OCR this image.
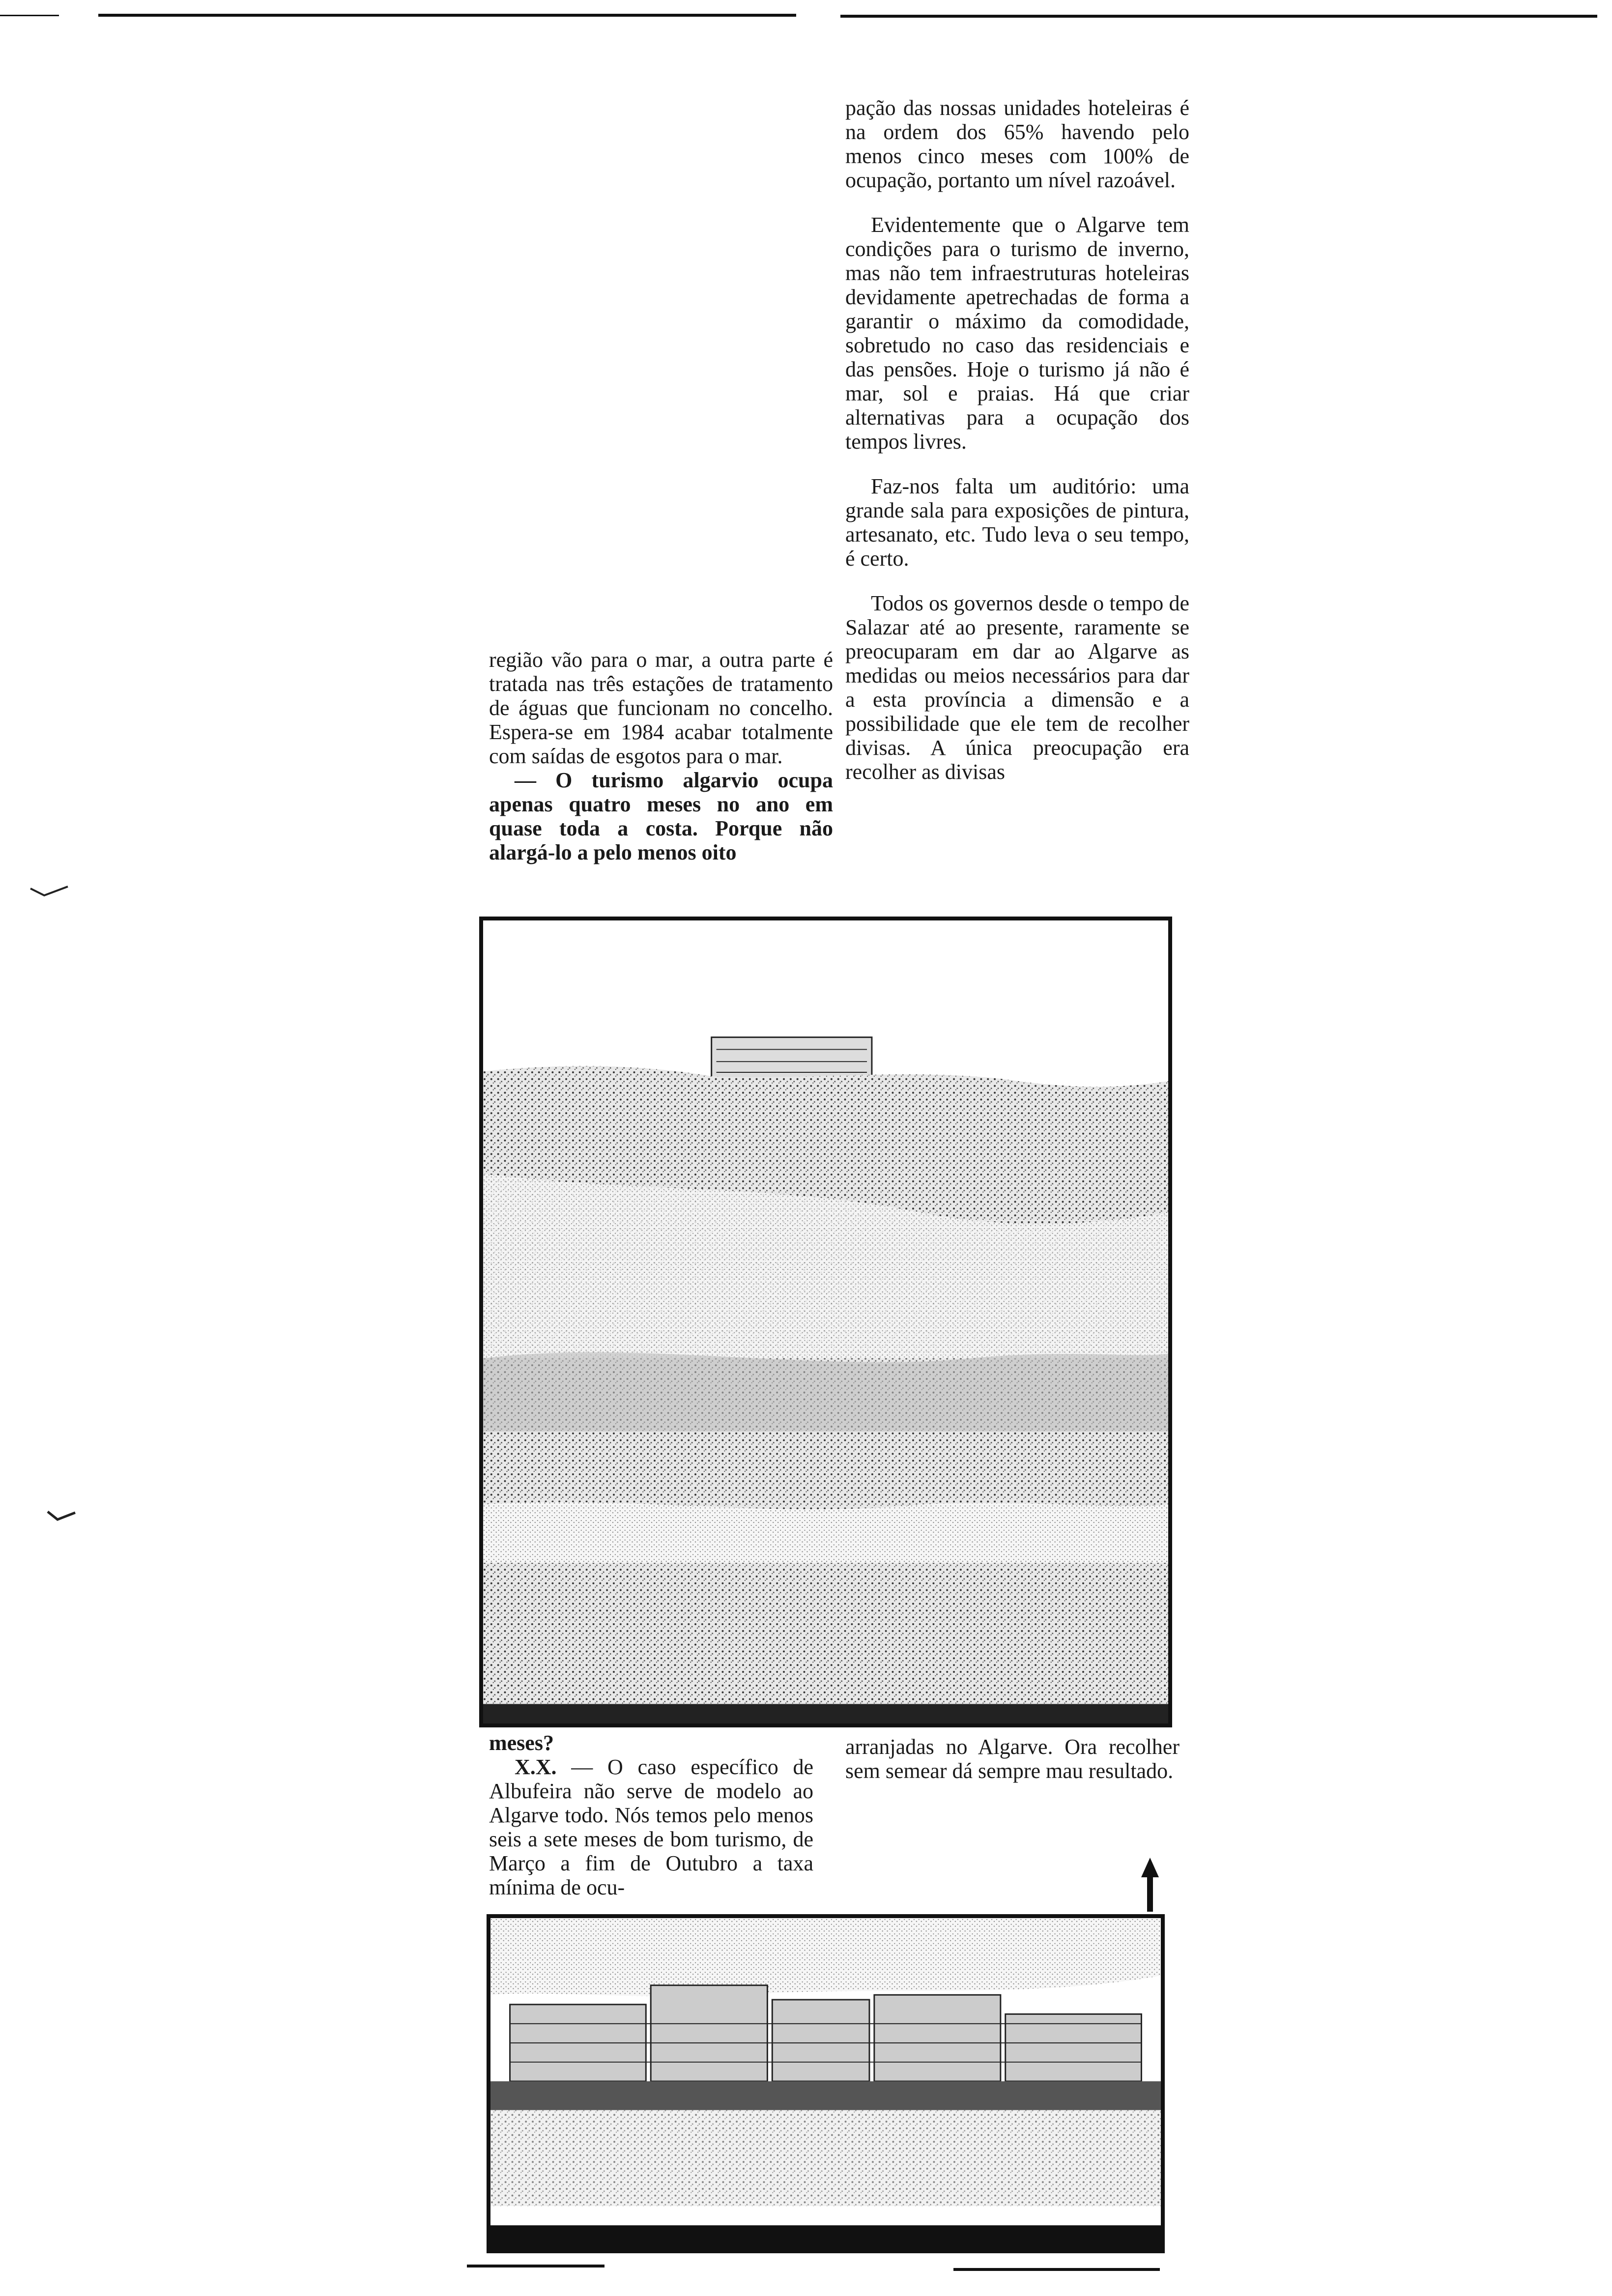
pação das nossas unidades hoteleiras é na ordem dos 65% havendo pelo menos cinco meses com 100% de ocupação, portanto um nível razoável.

Evidentemente que o Algarve tem condições para o turismo de inverno, mas não tem infraestruturas hoteleiras devidamente apetrechadas de forma a garantir o máximo da comodidade, sobretudo no caso das residenciais e das pensões. Hoje o turismo já não é mar, sol e praias. Há que criar alternativas para a ocupação dos tempos livres.

Faz-nos falta um auditório: uma grande sala para exposições de pintura, artesanato, etc. Tudo leva o seu tempo, é certo.

Todos os governos desde o tempo de Salazar até ao presente, raramente se preocuparam em dar ao Algarve as medidas ou meios necessários para dar a esta província a dimensão e a possibilidade que ele tem de recolher divisas. A única preocupação era recolher as divisas

região vão para o mar, a outra parte é tratada nas três estações de tratamento de águas que funcionam no concelho. Espera-se em 1984 acabar totalmente com saídas de esgotos para o mar.

— O turismo algarvio ocupa apenas quatro meses no ano em quase toda a costa. Porque não alargá-lo a pelo menos oito

meses?

X.X. — O caso específico de Albufeira não serve de modelo ao Algarve todo. Nós temos pelo menos seis a sete meses de bom turismo, de Março a fim de Outubro a taxa mínima de ocu-

arranjadas no Algarve. Ora recolher sem semear dá sempre mau resultado.
